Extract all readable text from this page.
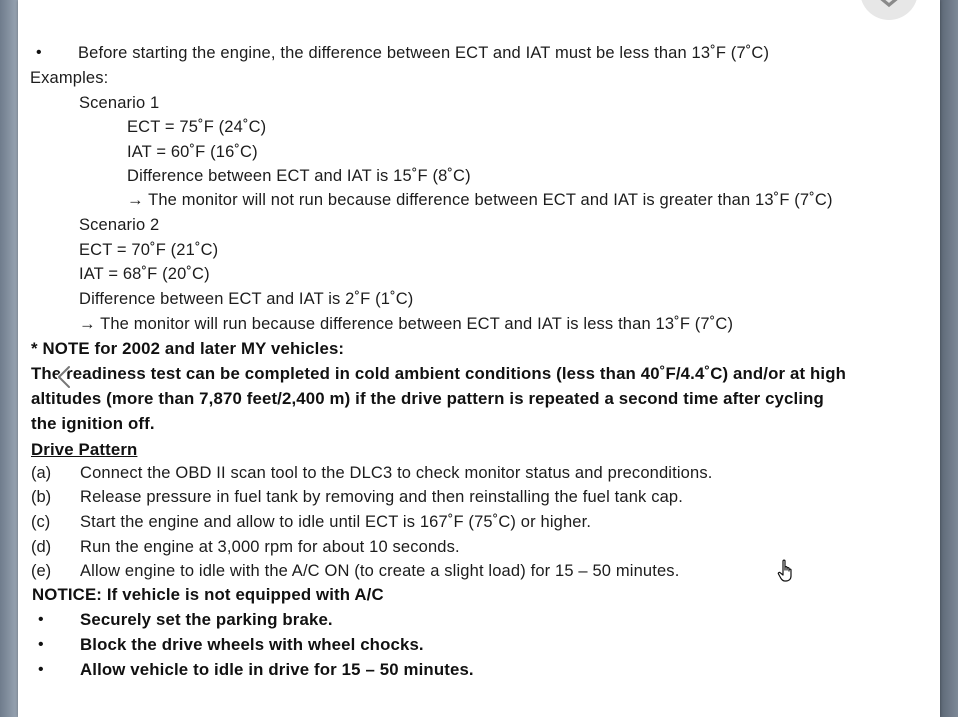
• Before starting the engine, the difference between ECT and IAT must be less than 13˚F (7˚C)
Examples:
Scenario 1
ECT = 75˚F (24˚C)
IAT = 60˚F (16˚C)
Difference between ECT and IAT is 15˚F (8˚C)
→ The monitor will not run because difference between ECT and IAT is greater than 13˚F (7˚C)
Scenario 2
ECT = 70˚F (21˚C)
IAT = 68˚F (20˚C)
Difference between ECT and IAT is 2˚F (1˚C)
→ The monitor will run because difference between ECT and IAT is less than 13˚F (7˚C)
* NOTE for 2002 and later MY vehicles:
The readiness test can be completed in cold ambient conditions (less than 40˚F/4.4˚C) and/or at high
altitudes (more than 7,870 feet/2,400 m) if the drive pattern is repeated a second time after cycling
the ignition off.
Drive Pattern
(a) Connect the OBD II scan tool to the DLC3 to check monitor status and preconditions.
(b) Release pressure in fuel tank by removing and then reinstalling the fuel tank cap.
(c) Start the engine and allow to idle until ECT is 167˚F (75˚C) or higher.
(d) Run the engine at 3,000 rpm for about 10 seconds.
(e) Allow engine to idle with the A/C ON (to create a slight load) for 15 – 50 minutes.
NOTICE: If vehicle is not equipped with A/C
• Securely set the parking brake.
• Block the drive wheels with wheel chocks.
• Allow vehicle to idle in drive for 15 – 50 minutes.
